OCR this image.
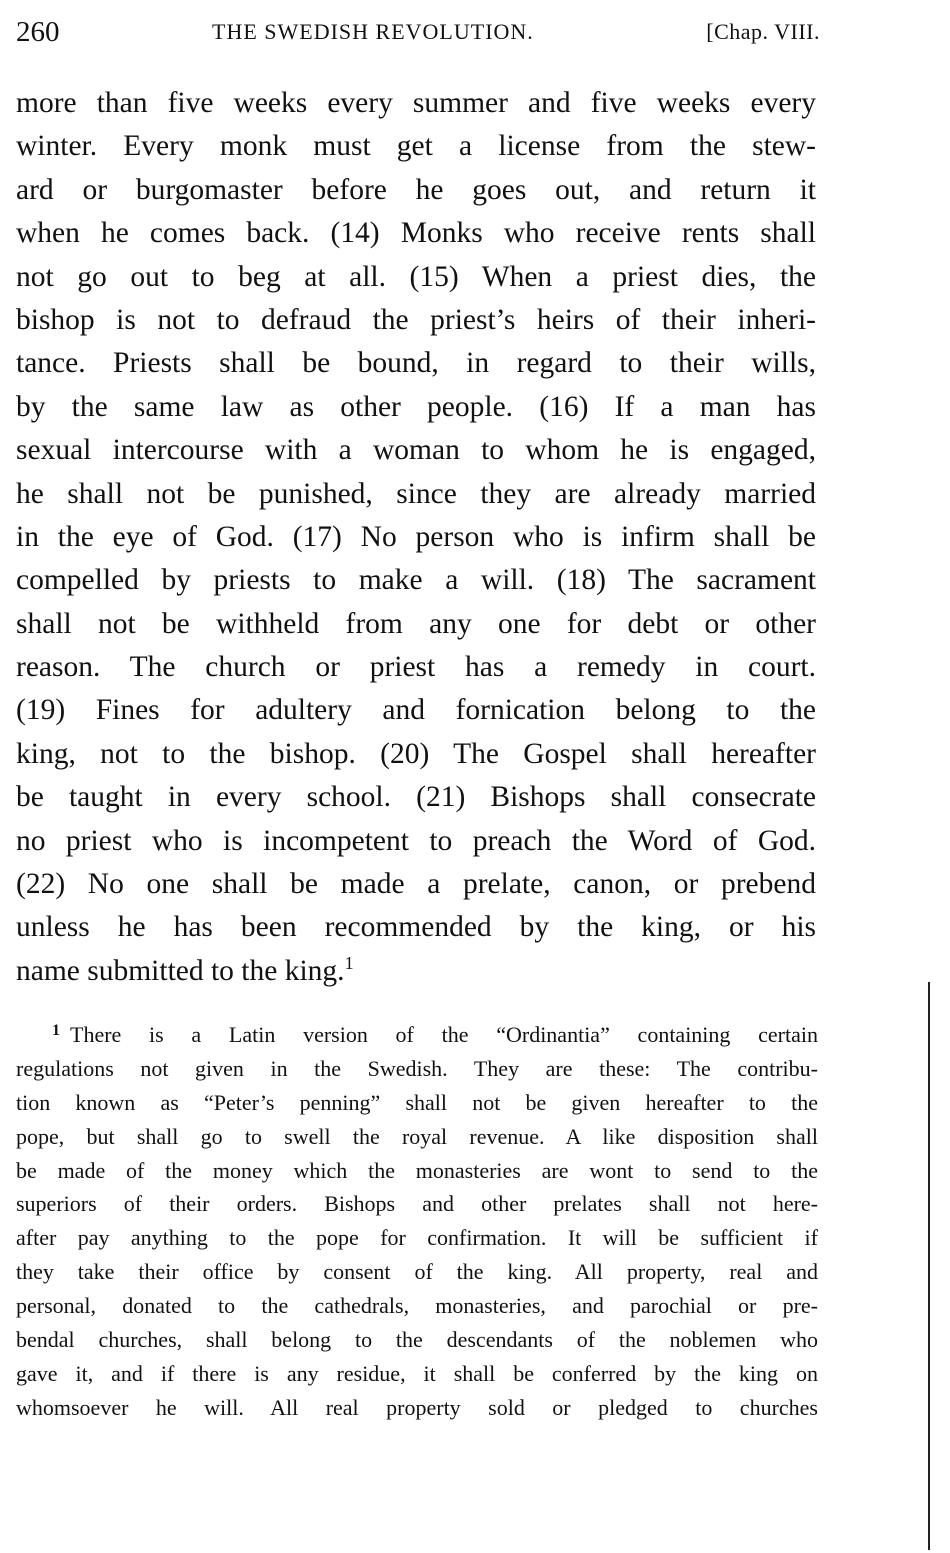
260	THE SWEDISH REVOLUTION.	[Chap. VIII.
more than five weeks every summer and five weeks every
winter. Every monk must get a license from the stew-
ard or burgomaster before he goes out, and return it
when he comes back. (14) Monks who receive rents shall
not go out to beg at all. (15) When a priest dies, the
bishop is not to defraud the priest’s heirs of their inheri-
tance. Priests shall be bound, in regard to their wills,
by the same law as other people. (16) If a man has
sexual intercourse with a woman to whom he is engaged,
he shall not be punished, since they are already married
in the eye of God. (17) No person who is infirm shall be
compelled by priests to make a will. (18) The sacrament
shall not be withheld from any one for debt or other
reason. The church or priest has a remedy in court.
(19) Fines for adultery and fornication belong to the
king, not to the bishop. (20) The Gospel shall hereafter
be taught in every school. (21) Bishops shall consecrate
no priest who is incompetent to preach the Word of God.
(22) No one shall be made a prelate, canon, or prebend
unless he has been recommended by the king, or his
name submitted to the king.$^1$
$^1$ There is a Latin version of the “Ordinantia” containing certain
regulations not given in the Swedish. They are these: The contribu-
tion known as “Peter’s penning” shall not be given hereafter to the
pope, but shall go to swell the royal revenue. A like disposition shall
be made of the money which the monasteries are wont to send to the
superiors of their orders. Bishops and other prelates shall not here-
after pay anything to the pope for confirmation. It will be sufficient if
they take their office by consent of the king. All property, real and
personal, donated to the cathedrals, monasteries, and parochial or pre-
bendal churches, shall belong to the descendants of the noblemen who
gave it, and if there is any residue, it shall be conferred by the king on
whomsoever he will. All real property sold or pledged to churches
